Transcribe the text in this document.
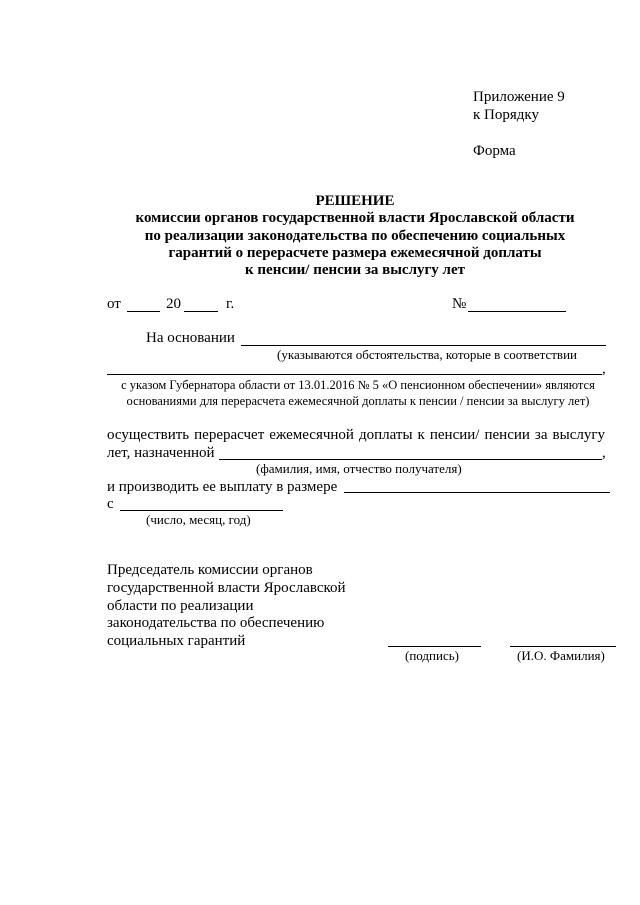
Приложение 9
к Порядку
Форма
РЕШЕНИЕ
комиссии органов государственной власти Ярославской области
по реализации законодательства по обеспечению социальных
гарантий о перерасчете размера ежемесячной доплаты
к пенсии/ пенсии за выслугу лет
от	20	г.	№
На основании
(указываются обстоятельства, которые в соответствии
,
с указом Губернатора области от 13.01.2016 № 5 «О пенсионном обеспечении» являются
основаниями для перерасчета ежемесячной доплаты к пенсии / пенсии за выслугу лет)
осуществить перерасчет ежемесячной доплаты к пенсии/ пенсии за выслугу
лет, назначенной	,
(фамилия, имя, отчество получателя)
и производить ее выплату в размере
с
(число, месяц, год)
Председатель комиссии органов
государственной власти Ярославской
области по реализации
законодательства по обеспечению
социальных гарантий
(подпись)	(И.О. Фамилия)
